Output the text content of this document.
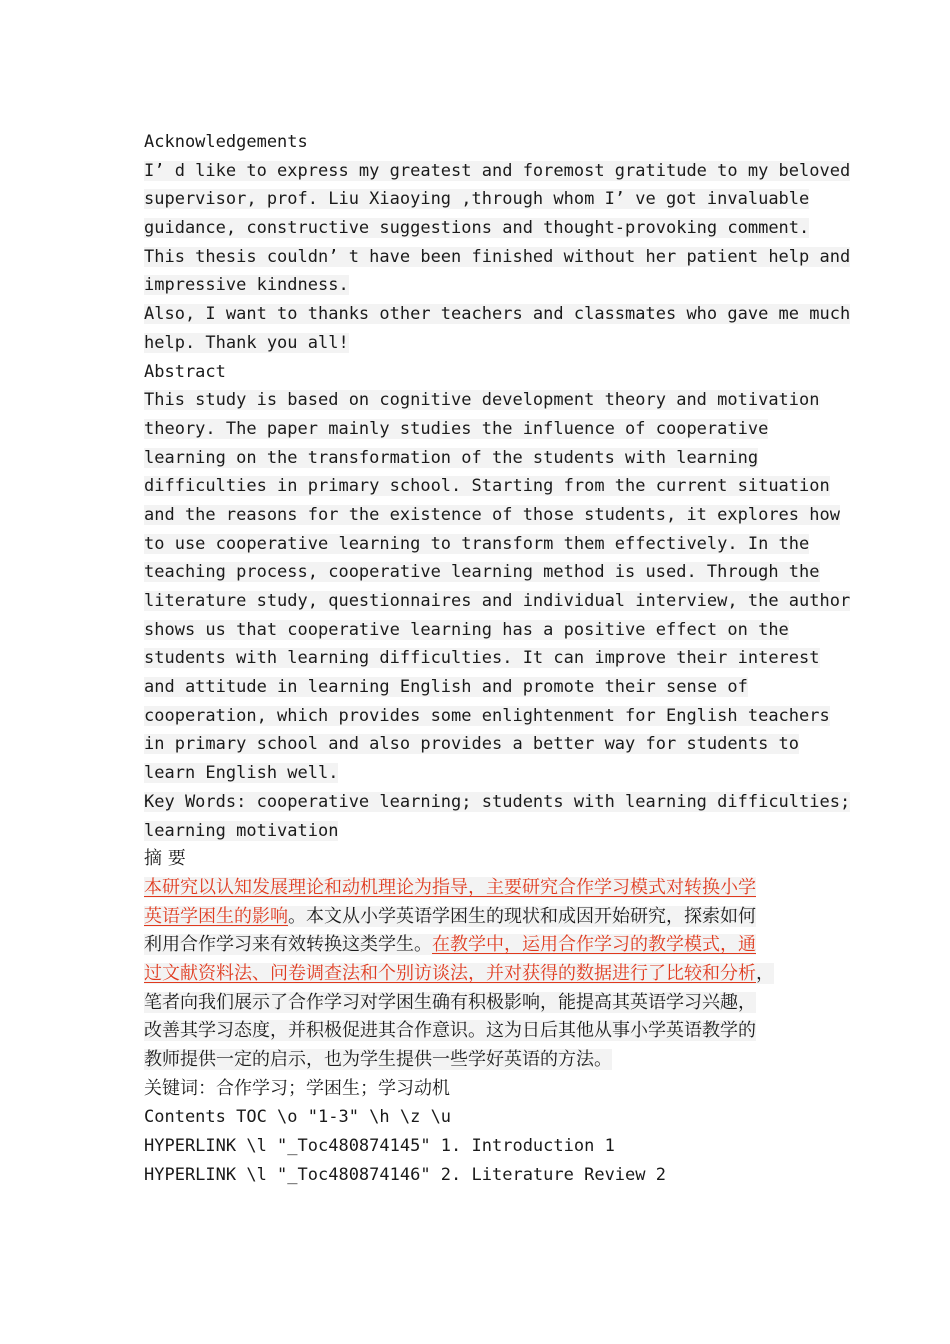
Acknowledgements
I’ d like to express my greatest and foremost gratitude to my beloved
supervisor, prof. Liu Xiaoying ,through whom I’ ve got invaluable
guidance, constructive suggestions and thought-provoking comment.
This thesis couldn’ t have been finished without her patient help and
impressive kindness.
Also, I want to thanks other teachers and classmates who gave me much
help. Thank you all!
Abstract
This study is based on cognitive development theory and motivation
theory. The paper mainly studies the influence of cooperative
learning on the transformation of the students with learning
difficulties in primary school. Starting from the current situation
and the reasons for the existence of those students, it explores how
to use cooperative learning to transform them effectively. In the
teaching process, cooperative learning method is used. Through the
literature study, questionnaires and individual interview, the author
shows us that cooperative learning has a positive effect on the
students with learning difficulties. It can improve their interest
and attitude in learning English and promote their sense of
cooperation, which provides some enlightenment for English teachers
in primary school and also provides a better way for students to
learn English well.
Key Words: cooperative learning; students with learning difficulties;
learning motivation
摘 要
本研究以认知发展理论和动机理论为指导，主要研究合作学习模式对转换小学
英语学困生的影响。本文从小学英语学困生的现状和成因开始研究，探索如何
利用合作学习来有效转换这类学生。在教学中，运用合作学习的教学模式，通
过文献资料法、问卷调查法和个别访谈法，并对获得的数据进行了比较和分析，
笔者向我们展示了合作学习对学困生确有积极影响，能提高其英语学习兴趣，
改善其学习态度，并积极促进其合作意识。这为日后其他从事小学英语教学的
教师提供一定的启示，也为学生提供一些学好英语的方法。
关键词：合作学习；学困生；学习动机
Contents TOC \o "1-3" \h \z \u
HYPERLINK \l "_Toc480874145" 1. Introduction 1
HYPERLINK \l "_Toc480874146" 2. Literature Review 2
